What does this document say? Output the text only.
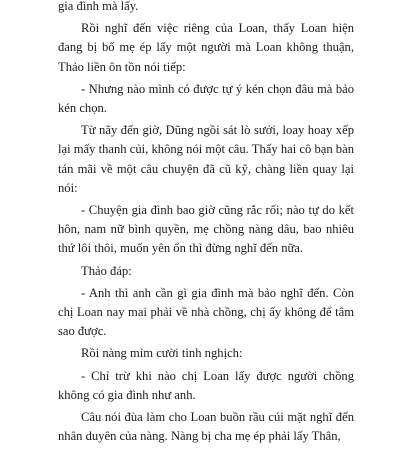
gia đình mà lấy.

Rồi nghĩ đến việc riêng của Loan, thấy Loan hiện đang bị bố mẹ ép lấy một người mà Loan không thuận, Thảo liền ôn tồn nói tiếp:

- Nhưng nào mình có được tự ý kén chọn đâu mà bảo kén chọn.

Từ nãy đến giờ, Dũng ngồi sát lò sưởi, loay hoay xếp lại mấy thanh củi, không nói một câu. Thấy hai cô bạn bàn tán mãi về một câu chuyện đã cũ kỹ, chàng liền quay lại nói:

- Chuyện gia đình bao giờ cũng rắc rối; nào tự do kết hôn, nam nữ bình quyền, mẹ chồng nàng dâu, bao nhiêu thứ lôi thôi, muốn yên ổn thì đừng nghĩ đến nữa.

Thảo đáp:

- Anh thì anh cần gì gia đình mà bảo nghĩ đến. Còn chị Loan nay mai phải về nhà chồng, chị ấy không để tâm sao được.

Rồi nàng mỉm cười tinh nghịch:

- Chỉ trừ khi nào chị Loan lấy được người chồng không có gia đình như anh.

Câu nói đùa làm cho Loan buồn rầu cúi mặt nghĩ đến nhân duyên của nàng. Nàng bị cha mẹ ép phải lấy Thân,
